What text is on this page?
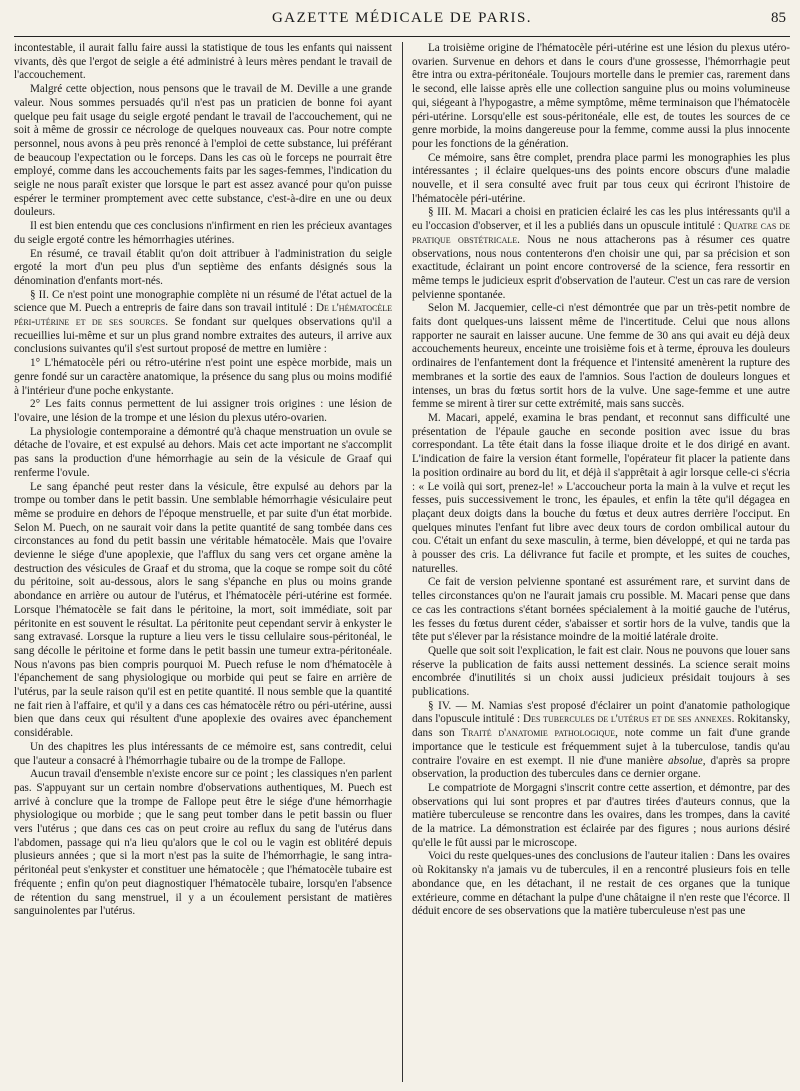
GAZETTE MÉDICALE DE PARIS.	85

incontestable, il aurait fallu faire aussi la statistique de tous les enfants qui naissent vivants, dès que l'ergot de seigle a été administré à leurs mères pendant le travail de l'accouchement.

Malgré cette objection, nous pensons que le travail de M. Deville a une grande valeur. Nous sommes persuadés qu'il n'est pas un praticien de bonne foi ayant quelque peu fait usage du seigle ergoté pendant le travail de l'accouchement, qui ne soit à même de grossir ce nécrologe de quelques nouveaux cas. Pour notre compte personnel, nous avons à peu près renoncé à l'emploi de cette substance, lui préférant de beaucoup l'expectation ou le forceps. Dans les cas où le forceps ne pourrait être employé, comme dans les accouchements faits par les sages-femmes, l'indication du seigle ne nous paraît exister que lorsque le part est assez avancé pour qu'on puisse espérer le terminer promptement avec cette substance, c'est-à-dire en une ou deux douleurs.

Il est bien entendu que ces conclusions n'infirment en rien les précieux avantages du seigle ergoté contre les hémorrhagies utérines.

En résumé, ce travail établit qu'on doit attribuer à l'administration du seigle ergoté la mort d'un peu plus d'un septième des enfants désignés sous la dénomination d'enfants mort-nés.

§ II. Ce n'est point une monographie complète ni un résumé de l'état actuel de la science que M. Puech a entrepris de faire dans son travail intitulé : De l'hématocèle péri-utérine et de ses sources. Se fondant sur quelques observations qu'il a recueillies lui-même et sur un plus grand nombre extraites des auteurs, il arrive aux conclusions suivantes qu'il s'est surtout proposé de mettre en lumière :

1° L'hématocèle péri ou rétro-utérine n'est point une espèce morbide, mais un genre fondé sur un caractère anatomique, la présence du sang plus ou moins modifié à l'intérieur d'une poche enkystante.

2° Les faits connus permettent de lui assigner trois origines : une lésion de l'ovaire, une lésion de la trompe et une lésion du plexus utéro-ovarien.

La physiologie contemporaine a démontré qu'à chaque menstruation un ovule se détache de l'ovaire, et est expulsé au dehors. Mais cet acte important ne s'accomplit pas sans la production d'une hémorrhagie au sein de la vésicule de Graaf qui renferme l'ovule.

Le sang épanché peut rester dans la vésicule, être expulsé au dehors par la trompe ou tomber dans le petit bassin. Une semblable hémorrhagie vésiculaire peut même se produire en dehors de l'époque menstruelle, et par suite d'un état morbide. Selon M. Puech, on ne saurait voir dans la petite quantité de sang tombée dans ces circonstances au fond du petit bassin une véritable hématocèle. Mais que l'ovaire devienne le siége d'une apoplexie, que l'afflux du sang vers cet organe amène la destruction des vésicules de Graaf et du stroma, que la coque se rompe soit du côté du péritoine, soit au-dessous, alors le sang s'épanche en plus ou moins grande abondance en arrière ou autour de l'utérus, et l'hématocèle péri-utérine est formée. Lorsque l'hématocèle se fait dans le péritoine, la mort, soit immédiate, soit par péritonite en est souvent le résultat. La péritonite peut cependant servir à enkyster le sang extravasé. Lorsque la rupture a lieu vers le tissu cellulaire sous-péritonéal, le sang décolle le péritoine et forme dans le petit bassin une tumeur extra-péritonéale. Nous n'avons pas bien compris pourquoi M. Puech refuse le nom d'hématocèle à l'épanchement de sang physiologique ou morbide qui peut se faire en arrière de l'utérus, par la seule raison qu'il est en petite quantité. Il nous semble que la quantité ne fait rien à l'affaire, et qu'il y a dans ces cas hématocèle rétro ou péri-utérine, aussi bien que dans ceux qui résultent d'une apoplexie des ovaires avec épanchement considérable.

Un des chapitres les plus intéressants de ce mémoire est, sans contredit, celui que l'auteur a consacré à l'hémorrhagie tubaire ou de la trompe de Fallope.

Aucun travail d'ensemble n'existe encore sur ce point ; les classiques n'en parlent pas. S'appuyant sur un certain nombre d'observations authentiques, M. Puech est arrivé à conclure que la trompe de Fallope peut être le siége d'une hémorrhagie physiologique ou morbide ; que le sang peut tomber dans le petit bassin ou fluer vers l'utérus ; que dans ces cas on peut croire au reflux du sang de l'utérus dans l'abdomen, passage qui n'a lieu qu'alors que le col ou le vagin est oblitéré depuis plusieurs années ; que si la mort n'est pas la suite de l'hémorrhagie, le sang intra-péritonéal peut s'enkyster et constituer une hématocèle ; que l'hématocèle tubaire est fréquente ; enfin qu'on peut diagnostiquer l'hématocèle tubaire, lorsqu'en l'absence de rétention du sang menstruel, il y a un écoulement persistant de matières sanguinolentes par l'utérus.

La troisième origine de l'hématocèle péri-utérine est une lésion du plexus utéro-ovarien. Survenue en dehors et dans le cours d'une grossesse, l'hémorrhagie peut être intra ou extra-péritonéale. Toujours mortelle dans le premier cas, rarement dans le second, elle laisse après elle une collection sanguine plus ou moins volumineuse qui, siégeant à l'hypogastre, a même symptôme, même terminaison que l'hématocèle péri-utérine. Lorsqu'elle est sous-péritonéale, elle est, de toutes les sources de ce genre morbide, la moins dangereuse pour la femme, comme aussi la plus innocente pour les fonctions de la génération.

Ce mémoire, sans être complet, prendra place parmi les monographies les plus intéressantes ; il éclaire quelques-uns des points encore obscurs d'une maladie nouvelle, et il sera consulté avec fruit par tous ceux qui écriront l'histoire de l'hématocèle péri-utérine.

§ III. M. Macari a choisi en praticien éclairé les cas les plus intéressants qu'il a eu l'occasion d'observer, et il les a publiés dans un opuscule intitulé : Quatre cas de pratique obstétricale. Nous ne nous attacherons pas à résumer ces quatre observations, nous nous contenterons d'en choisir une qui, par sa précision et son exactitude, éclairant un point encore controversé de la science, fera ressortir en même temps le judicieux esprit d'observation de l'auteur. C'est un cas rare de version pelvienne spontanée.

Selon M. Jacquemier, celle-ci n'est démontrée que par un très-petit nombre de faits dont quelques-uns laissent même de l'incertitude. Celui que nous allons rapporter ne saurait en laisser aucune. Une femme de 30 ans qui avait eu déjà deux accouchements heureux, enceinte une troisième fois et à terme, éprouva les douleurs ordinaires de l'enfantement dont la fréquence et l'intensité amenèrent la rupture des membranes et la sortie des eaux de l'amnios. Sous l'action de douleurs longues et intenses, un bras du fœtus sortit hors de la vulve. Une sage-femme et une autre femme se mirent à tirer sur cette extrémité, mais sans succès.

M. Macari, appelé, examina le bras pendant, et reconnut sans difficulté une présentation de l'épaule gauche en seconde position avec issue du bras correspondant. La tête était dans la fosse iliaque droite et le dos dirigé en avant. L'indication de faire la version étant formelle, l'opérateur fit placer la patiente dans la position ordinaire au bord du lit, et déjà il s'apprêtait à agir lorsque celle-ci s'écria : « Le voilà qui sort, prenez-le! » L'accoucheur porta la main à la vulve et reçut les fesses, puis successivement le tronc, les épaules, et enfin la tête qu'il dégagea en plaçant deux doigts dans la bouche du fœtus et deux autres derrière l'occiput. En quelques minutes l'enfant fut libre avec deux tours de cordon ombilical autour du cou. C'était un enfant du sexe masculin, à terme, bien développé, et qui ne tarda pas à pousser des cris. La délivrance fut facile et prompte, et les suites de couches, naturelles.

Ce fait de version pelvienne spontané est assurément rare, et survint dans de telles circonstances qu'on ne l'aurait jamais cru possible. M. Macari pense que dans ce cas les contractions s'étant bornées spécialement à la moitié gauche de l'utérus, les fesses du fœtus durent céder, s'abaisser et sortir hors de la vulve, tandis que la tête put s'élever par la résistance moindre de la moitié latérale droite.

Quelle que soit soit l'explication, le fait est clair. Nous ne pouvons que louer sans réserve la publication de faits aussi nettement dessinés. La science serait moins encombrée d'inutilités si un choix aussi judicieux présidait toujours à ses publications.

§ IV. — M. Namias s'est proposé d'éclairer un point d'anatomie pathologique dans l'opuscule intitulé : Des tubercules de l'utérus et de ses annexes. Rokitansky, dans son Traité d'anatomie pathologique, note comme un fait d'une grande importance que le testicule est fréquemment sujet à la tuberculose, tandis qu'au contraire l'ovaire en est exempt. Il nie d'une manière absolue, d'après sa propre observation, la production des tubercules dans ce dernier organe.

Le compatriote de Morgagni s'inscrit contre cette assertion, et démontre, par des observations qui lui sont propres et par d'autres tirées d'auteurs connus, que la matière tuberculeuse se rencontre dans les ovaires, dans les trompes, dans la cavité de la matrice. La démonstration est éclairée par des figures ; nous aurions désiré qu'elle le fût aussi par le microscope.

Voici du reste quelques-unes des conclusions de l'auteur italien : Dans les ovaires où Rokitansky n'a jamais vu de tubercules, il en a rencontré plusieurs fois en telle abondance que, en les détachant, il ne restait de ces organes que la tunique extérieure, comme en détachant la pulpe d'une châtaigne il n'en reste que l'écorce. Il déduit encore de ses observations que la matière tuberculeuse n'est pas une
